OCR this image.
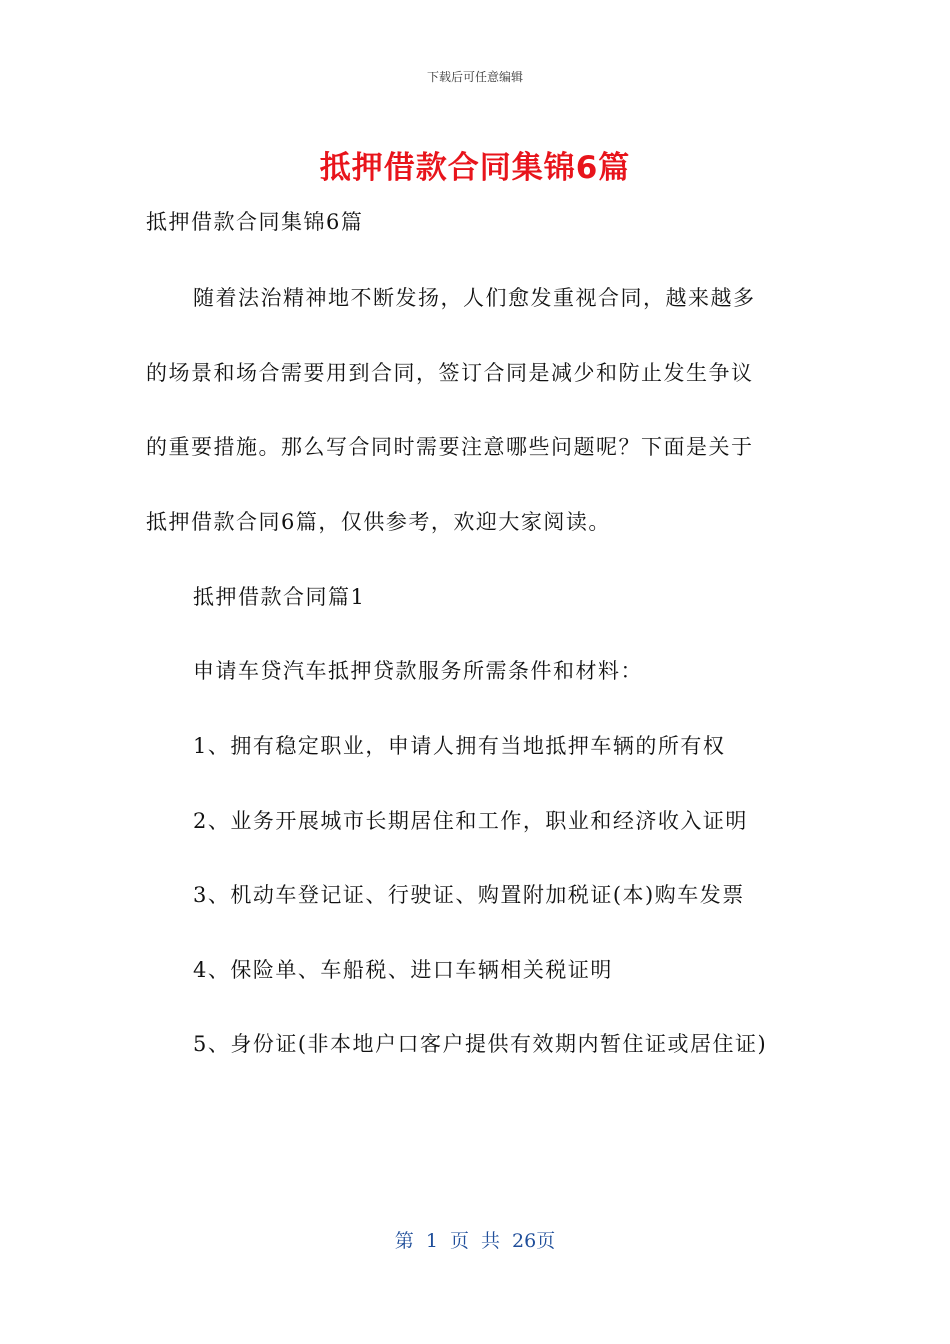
下载后可任意编辑
抵押借款合同集锦6篇
抵押借款合同集锦6篇
随着法治精神地不断发扬，人们愈发重视合同，越来越多
的场景和场合需要用到合同，签订合同是减少和防止发生争议
的重要措施。那么写合同时需要注意哪些问题呢？下面是关于
抵押借款合同6篇，仅供参考，欢迎大家阅读。
抵押借款合同篇1
申请车贷汽车抵押贷款服务所需条件和材料：
1、拥有稳定职业，申请人拥有当地抵押车辆的所有权
2、业务开展城市长期居住和工作，职业和经济收入证明
3、机动车登记证、行驶证、购置附加税证(本)购车发票
4、保险单、车船税、进口车辆相关税证明
5、身份证(非本地户口客户提供有效期内暂住证或居住证)
第 1 页 共 26页
